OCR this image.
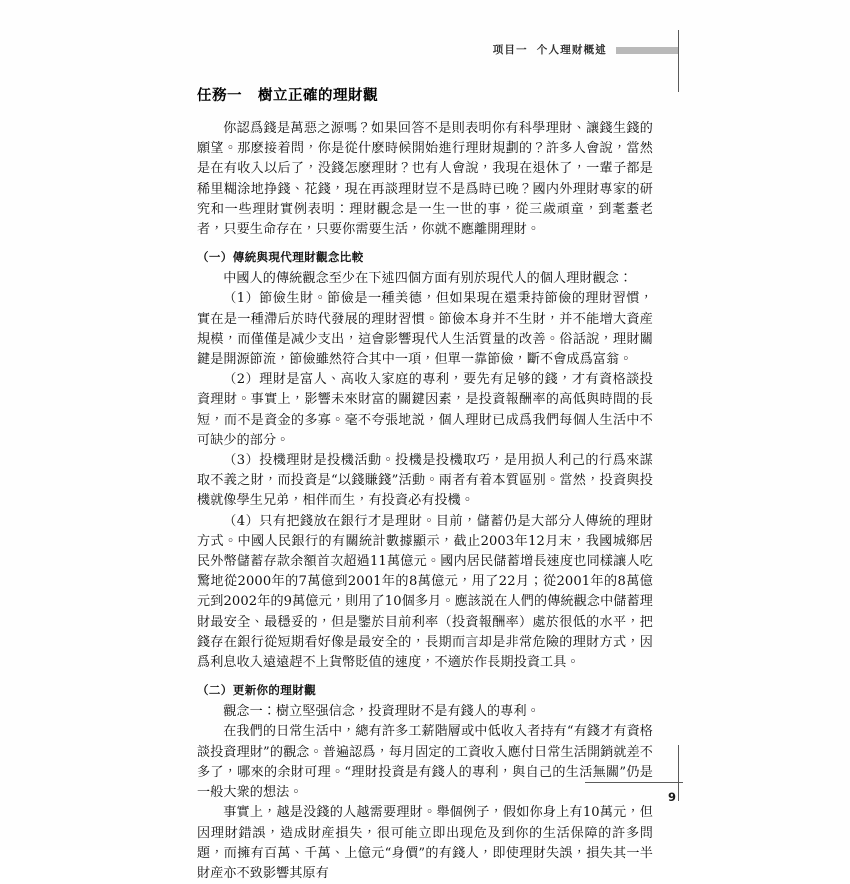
项目一 个人理财概述
任務一 樹立正確的理財觀

你認爲錢是萬惡之源嗎？如果回答不是則表明你有科學理財、讓錢生錢的願望。那麽接着問，你是從什麽時候開始進行理財規劃的？許多人會說，當然是在有收入以后了，没錢怎麽理財？也有人會說，我現在退休了，一輩子都是稀里糊涂地挣錢、花錢，現在再談理財豈不是爲時已晚？國内外理財專家的研究和一些理財實例表明：理財觀念是一生一世的事，從三歲頑童，到耄耋老者，只要生命存在，只要你需要生活，你就不應離開理財。

（一）傳統與現代理財觀念比較

中國人的傳統觀念至少在下述四個方面有别於現代人的個人理財觀念：

（1）節儉生財。節儉是一種美德，但如果現在還秉持節儉的理財習慣，實在是一種滯后於時代發展的理財習慣。節儉本身并不生財，并不能增大資産規模，而僅僅是减少支出，這會影響現代人生活質量的改善。俗話說，理財關鍵是開源節流，節儉雖然符合其中一項，但單一靠節儉，斷不會成爲富翁。

（2）理財是富人、高收入家庭的專利，要先有足够的錢，才有資格談投資理財。事實上，影響未來財富的關鍵因素，是投資報酬率的高低與時間的長短，而不是資金的多寡。毫不夸張地説，個人理財已成爲我們每個人生活中不可缺少的部分。

（3）投機理財是投機活動。投機是投機取巧，是用损人利己的行爲來謀取不義之財，而投資是“以錢賺錢”活動。兩者有着本質區别。當然，投資與投機就像學生兄弟，相伴而生，有投資必有投機。

（4）只有把錢放在銀行才是理財。目前，儲蓄仍是大部分人傳統的理財方式。中國人民銀行的有關統計數據顯示，截止2003年12月末，我國城鄉居民外幣儲蓄存款余額首次超過11萬億元。國内居民儲蓄增長速度也同樣讓人吃驚地從2000年的7萬億到2001年的8萬億元，用了22月；從2001年的8萬億元到2002年的9萬億元，則用了10個多月。應該説在人們的傳統觀念中儲蓄理財最安全、最穩妥的，但是鑒於目前利率（投資報酬率）處於很低的水平，把錢存在銀行從短期看好像是最安全的，長期而言却是非常危險的理財方式，因爲利息收入遠遠趕不上貨幣貶值的速度，不適於作長期投資工具。

（二）更新你的理財觀

觀念一：樹立堅强信念，投資理財不是有錢人的專利。

在我們的日常生活中，總有許多工薪階層或中低收入者持有“有錢才有資格談投資理財”的觀念。普遍認爲，每月固定的工資收入應付日常生活開銷就差不多了，哪來的余財可理。“理財投資是有錢人的專利，與自己的生活無關”仍是一般大衆的想法。

事實上，越是没錢的人越需要理財。舉個例子，假如你身上有10萬元，但因理財錯誤，造成財産損失，很可能立即出现危及到你的生活保障的許多問題，而擁有百萬、千萬、上億元“身價”的有錢人，即使理財失誤，損失其一半財産亦不致影響其原有

9
